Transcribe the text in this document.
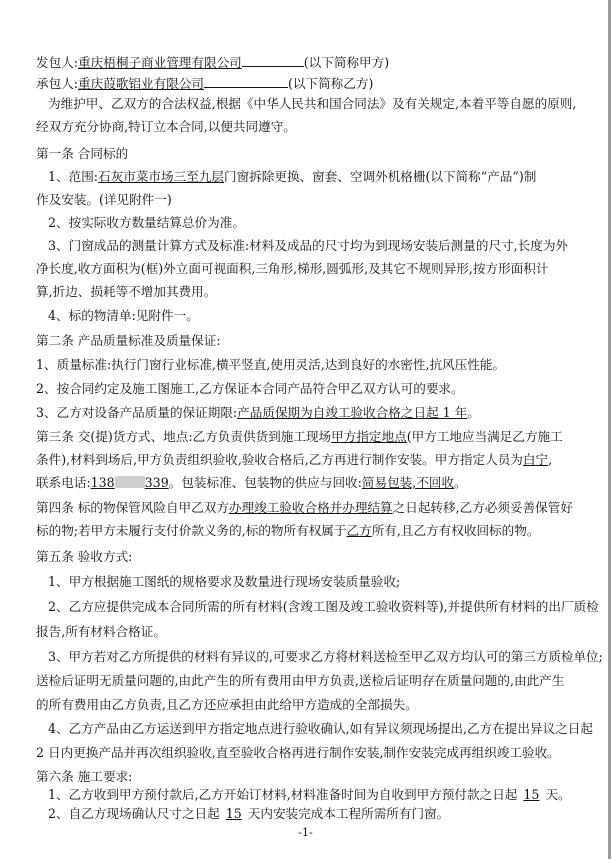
发包人:重庆梧桐子商业管理有限公司	(以下简称甲方)
承包人:重庆葭歌铝业有限公司	(以下简称乙方)
为维护甲、乙双方的合法权益,根据《中华人民共和国合同法》及有关规定,本着平等自愿的原则,
经双方充分协商,特订立本合同,以便共同遵守。
第一条 合同标的
1、范围:石灰市菜市场三至九层门窗拆除更换、窗套、空调外机格栅(以下简称“产品”)制
作及安装。(详见附件一)
2、按实际收方数量结算总价为准。
3、门窗成品的测量计算方式及标准:材料及成品的尺寸均为到现场安装后测量的尺寸,长度为外
净长度,收方面积为(框)外立面可视面积,三角形,梯形,圆弧形,及其它不规则异形,按方形面积计
算,折边、损耗等不增加其费用。
4、标的物清单:见附件一。
第二条 产品质量标准及质量保证:
1、质量标准:执行门窗行业标准,横平竖直,使用灵活,达到良好的水密性,抗风压性能。
2、按合同约定及施工图施工,乙方保证本合同产品符合甲乙双方认可的要求。
3、乙方对设备产品质量的保证期限:产品质保期为自竣工验收合格之日起 1 年。
第三条 交(提)货方式、地点:乙方负责供货到施工现场甲方指定地点(甲方工地应当满足乙方施工
条件),材料到场后,甲方负责组织验收,验收合格后,乙方再进行制作安装。甲方指定人员为白宁,
联系电话:138 339。包装标准、包装物的供应与回收:简易包装,不回收。
第四条 标的物保管风险自甲乙双方办理竣工验收合格并办理结算之日起转移,乙方必须妥善保管好
标的物;若甲方未履行支付价款义务的,标的物所有权属于乙方所有,且乙方有权收回标的物。
第五条 验收方式:
1、甲方根据施工图纸的规格要求及数量进行现场安装质量验收;
2、乙方应提供完成本合同所需的所有材料(含竣工图及竣工验收资料等),并提供所有材料的出厂质检
报告,所有材料合格证。
3、甲方若对乙方所提供的材料有异议的,可要求乙方将材料送检至甲乙双方均认可的第三方质检单位;
送检后证明无质量问题的,由此产生的所有费用由甲方负责,送检后证明存在质量问题的,由此产生
的所有费用由乙方负责,且乙方还应承担由此给甲方造成的全部损失。
4、乙方产品由乙方运送到甲方指定地点进行验收确认,如有异议须现场提出,乙方在提出异议之日起
2 日内更换产品并再次组织验收,直至验收合格再进行制作安装,制作安装完成再组织竣工验收。
第六条 施工要求:
1、乙方收到甲方预付款后,乙方开始订材料,材料准备时间为自收到甲方预付款之日起 15 天。
2、自乙方现场确认尺寸之日起 15 天内安装完成本工程所需所有门窗。
-1-
